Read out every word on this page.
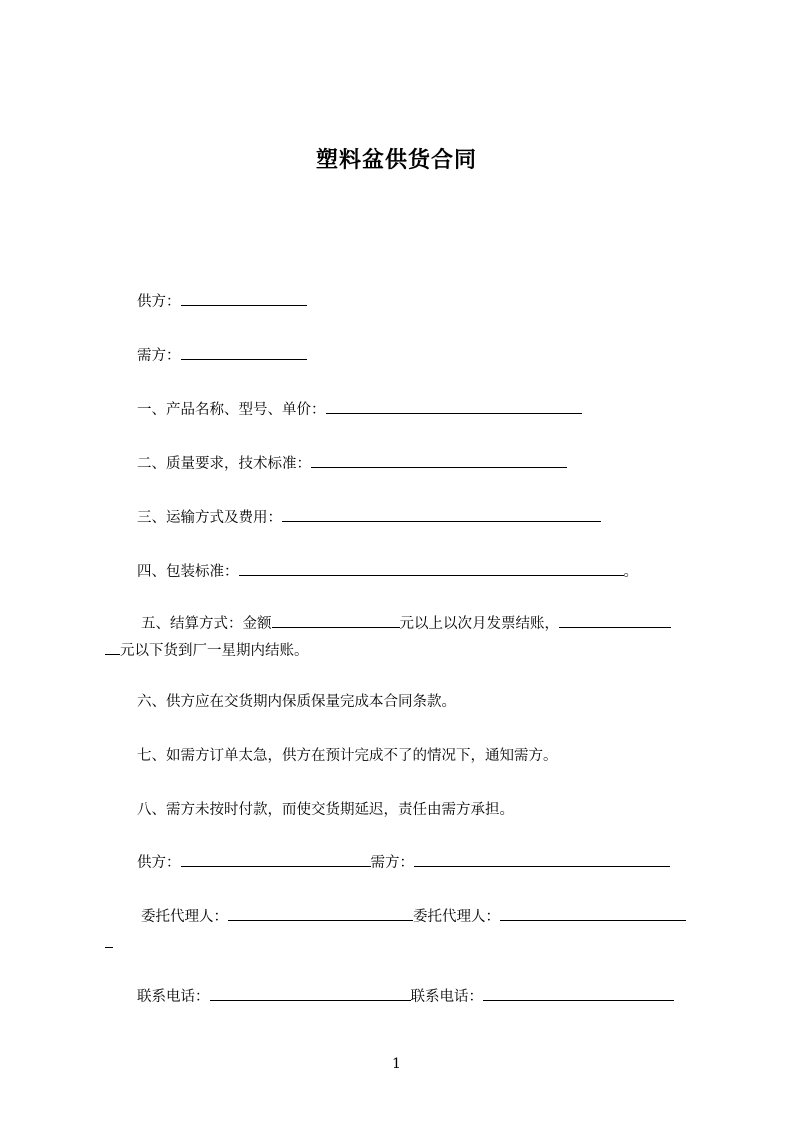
塑料盆供货合同
供方：
需方：
一、产品名称、型号、单价：
二、质量要求，技术标准：
三、运输方式及费用：
四、包装标准：	。
五、结算方式：金额	元以上以次月发票结账，
元以下货到厂一星期内结账。
六、供方应在交货期内保质保量完成本合同条款。
七、如需方订单太急，供方在预计完成不了的情况下，通知需方。
八、需方未按时付款，而使交货期延迟，责任由需方承担。
供方：	需方：
委托代理人：	委托代理人：
联系电话：	联系电话：
1
